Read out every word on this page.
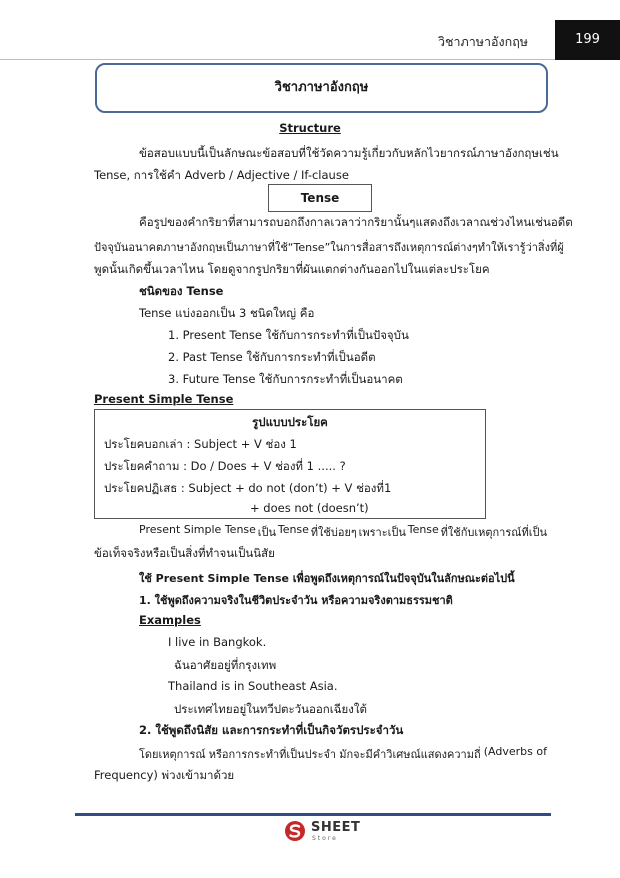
วิชาภาษาอังกฤษ	199
วิชาภาษาอังกฤษ
Structure
ข้อสอบแบบนี้เป็นลักษณะข้อสอบที่ใช้วัดความรู้เกี่ยวกับหลักไวยากรณ์ ภาษาอังกฤษ เช่น
Tense, การใช้คำ Adverb / Adjective / If-clause
Tense
คือรูปของคำกริยาที่สามารถบอกถึงกาลเวลาว่ากริยานั้นๆแสดง ถึงเวลา ณ ช่วงไหน เช่น อดีต
ปัจจุบัน อนาคตภาษาอังกฤษเป็นภาษาที่ใช้“Tense”ในการสื่อสารถึงเหตุการณ์ต่างๆ ทำให้เรารู้ว่าสิ่งที่ผู้
พูดนั้นเกิดขึ้นเวลาไหน โดยดูจากรูปกริยาที่ผันแตกต่างกันออกไปในแต่ละประโยค
ชนิดของ Tense
Tense แบ่งออกเป็น 3 ชนิดใหญ่ คือ
1. Present Tense ใช้กับการกระทำที่เป็นปัจจุบัน
2. Past Tense ใช้กับการกระทำที่เป็นอดีต
3. Future Tense ใช้กับการกระทำที่เป็นอนาคต
Present Simple Tense
รูปแบบประโยค
ประโยคบอกเล่า : Subject + V ช่อง 1
ประโยคคำถาม : Do / Does + V ช่องที่ 1 ..... ?
ประโยคปฏิเสธ : Subject + do not (don’t) + V ช่องที่1
+ does not (doesn’t)
Present Simple Tense เป็น Tense ที่ใช้บ่อยๆ เพราะเป็น Tense ที่ใช้กับเหตุการณ์ที่เป็น
ข้อเท็จจริงหรือเป็นสิ่งที่ทำจนเป็นนิสัย
ใช้ Present Simple Tense เพื่อพูดถึงเหตุการณ์ในปัจจุบันในลักษณะต่อไปนี้
1. ใช้พูดถึงความจริงในชีวิตประจำวัน หรือความจริงตามธรรมชาติ
Examples
I live in Bangkok.
ฉันอาศัยอยู่ที่กรุงเทพ
Thailand is in Southeast Asia.
ประเทศไทยอยู่ในทวีปตะวันออกเฉียงใต้
2. ใช้พูดถึงนิสัย และการกระทำที่เป็นกิจวัตรประจำวัน
โดยเหตุการณ์ หรือการกระทำที่เป็นประจำ มักจะมีคำวิเศษณ์แสดงความถี่ (Adverbs of
Frequency) พ่วงเข้ามาด้วย
SHEET
Store
